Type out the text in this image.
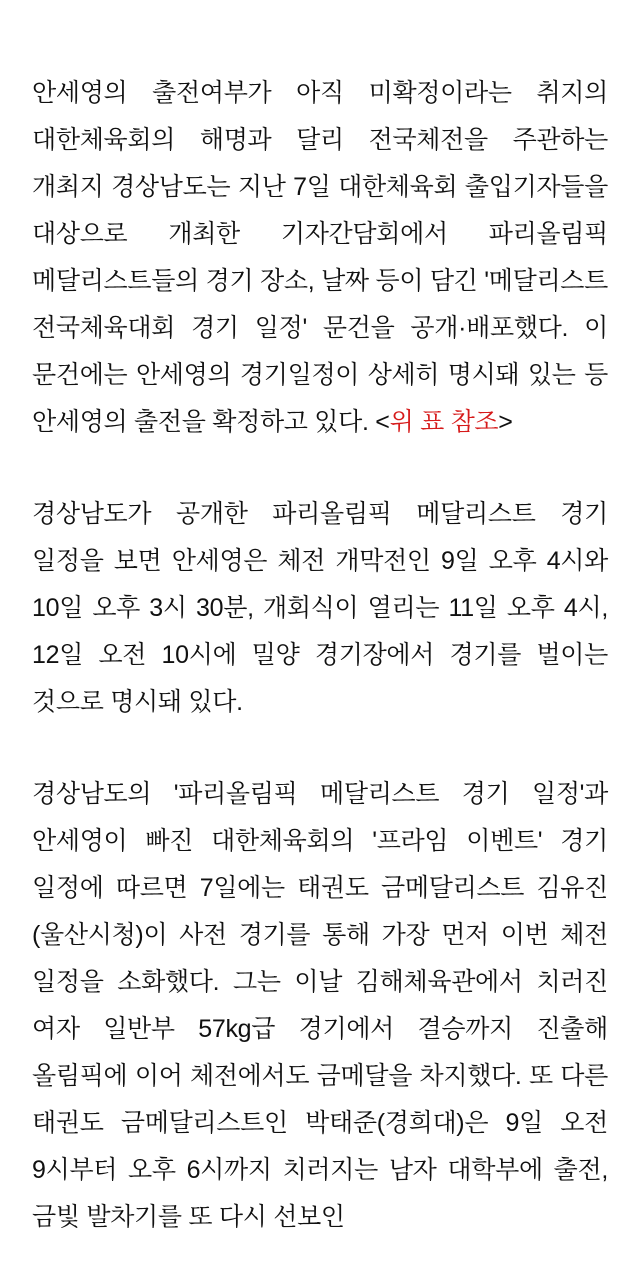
안세영의 출전여부가 아직 미확정이라는 취지의 대한체육회의 해명과 달리 전국체전을 주관하는 개최지 경상남도는 지난 7일 대한체육회 출입기자들을 대상으로 개최한 기자간담회에서 파리올림픽 메달리스트들의 경기 장소, 날짜 등이 담긴 '메달리스트 전국체육대회 경기 일정' 문건을 공개·배포했다. 이 문건에는 안세영의 경기일정이 상세히 명시돼 있는 등 안세영의 출전을 확정하고 있다. <위 표 참조>

경상남도가 공개한 파리올림픽 메달리스트 경기 일정을 보면 안세영은 체전 개막전인 9일 오후 4시와 10일 오후 3시 30분, 개회식이 열리는 11일 오후 4시, 12일 오전 10시에 밀양 경기장에서 경기를 벌이는 것으로 명시돼 있다.

경상남도의 '파리올림픽 메달리스트 경기 일정'과 안세영이 빠진 대한체육회의 '프라임 이벤트' 경기 일정에 따르면 7일에는 태권도 금메달리스트 김유진(울산시청)이 사전 경기를 통해 가장 먼저 이번 체전 일정을 소화했다. 그는 이날 김해체육관에서 치러진 여자 일반부 57kg급 경기에서 결승까지 진출해 올림픽에 이어 체전에서도 금메달을 차지했다. 또 다른 태권도 금메달리스트인 박태준(경희대)은 9일 오전 9시부터 오후 6시까지 치러지는 남자 대학부에 출전, 금빛 발차기를 또 다시 선보인
